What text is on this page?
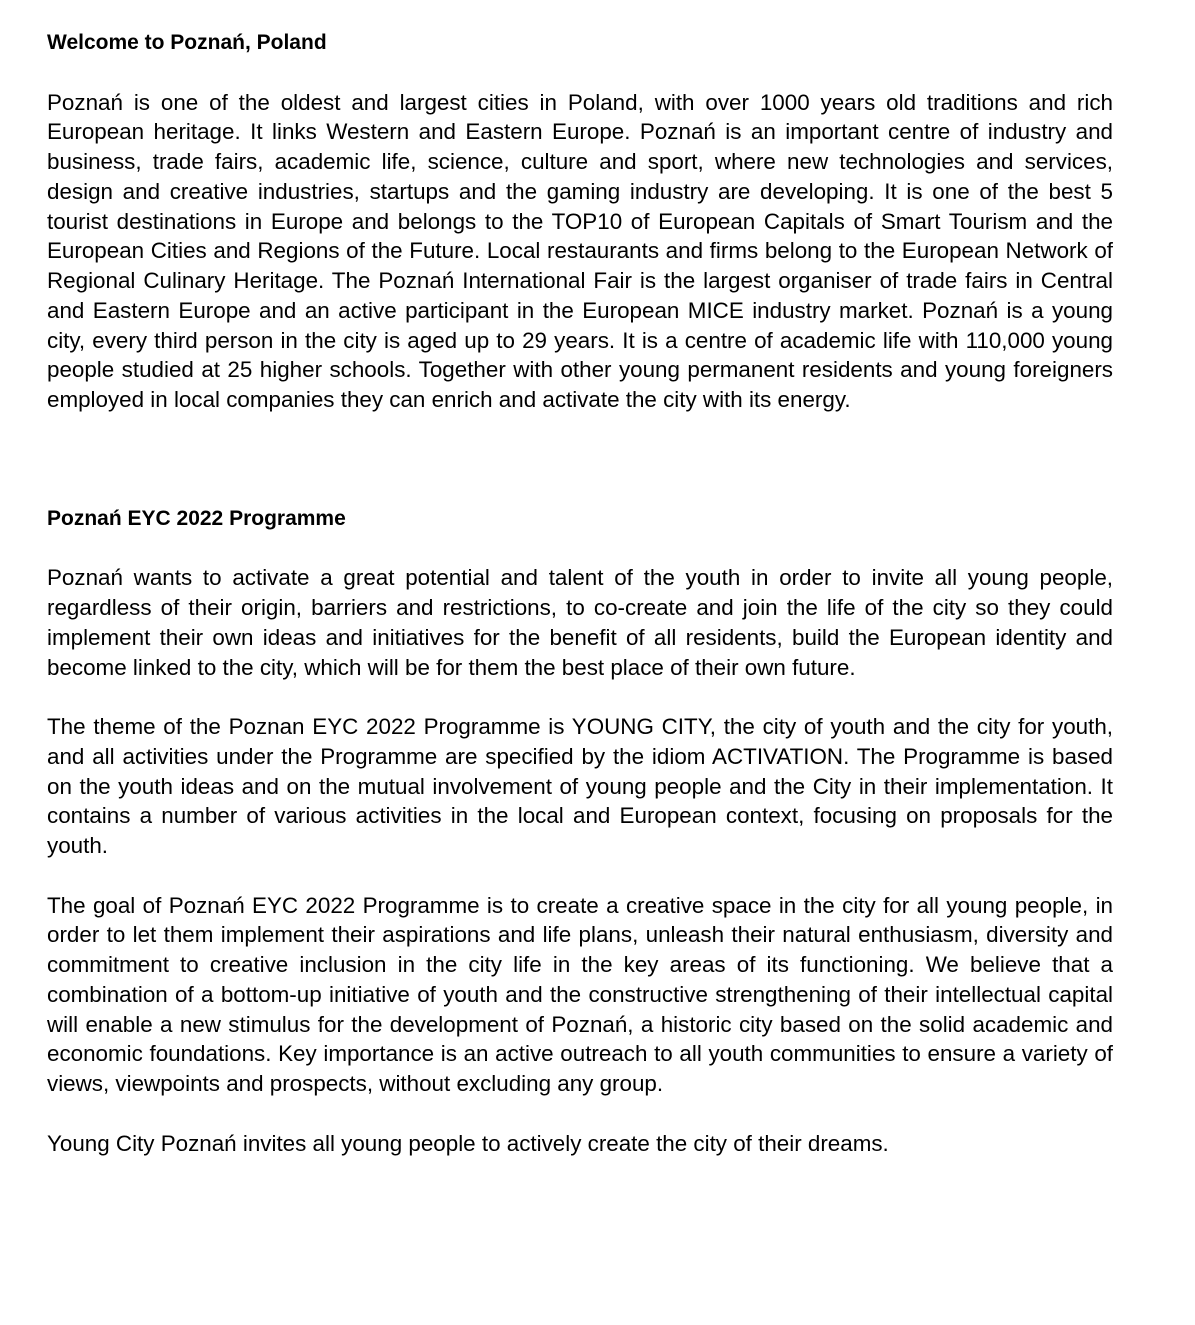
Welcome to Poznań, Poland

Poznań is one of the oldest and largest cities in Poland, with over 1000 years old traditions and rich European heritage. It links Western and Eastern Europe. Poznań is an important centre of industry and business, trade fairs, academic life, science, culture and sport, where new technologies and services, design and creative industries, startups and the gaming industry are developing. It is one of the best 5 tourist destinations in Europe and belongs to the TOP10 of European Capitals of Smart Tourism and the European Cities and Regions of the Future. Local restaurants and firms belong to the European Network of Regional Culinary Heritage. The Poznań International Fair is the largest organiser of trade fairs in Central and Eastern Europe and an active participant in the European MICE industry market. Poznań is a young city, every third person in the city is aged up to 29 years. It is a centre of academic life with 110,000 young people studied at 25 higher schools. Together with other young permanent residents and young foreigners employed in local companies they can enrich and activate the city with its energy.

Poznań EYC 2022 Programme

Poznań wants to activate a great potential and talent of the youth in order to invite all young people, regardless of their origin, barriers and restrictions, to co-create and join the life of the city so they could implement their own ideas and initiatives for the benefit of all residents, build the European identity and become linked to the city, which will be for them the best place of their own future.

The theme of the Poznan EYC 2022 Programme is YOUNG CITY, the city of youth and the city for youth, and all activities under the Programme are specified by the idiom ACTIVATION. The Programme is based on the youth ideas and on the mutual involvement of young people and the City in their implementation. It contains a number of various activities in the local and European context, focusing on proposals for the youth.

The goal of Poznań EYC 2022 Programme is to create a creative space in the city for all young people, in order to let them implement their aspirations and life plans, unleash their natural enthusiasm, diversity and commitment to creative inclusion in the city life in the key areas of its functioning. We believe that a combination of a bottom-up initiative of youth and the constructive strengthening of their intellectual capital will enable a new stimulus for the development of Poznań, a historic city based on the solid academic and economic foundations. Key importance is an active outreach to all youth communities to ensure a variety of views, viewpoints and prospects, without excluding any group.

Young City Poznań invites all young people to actively create the city of their dreams.
